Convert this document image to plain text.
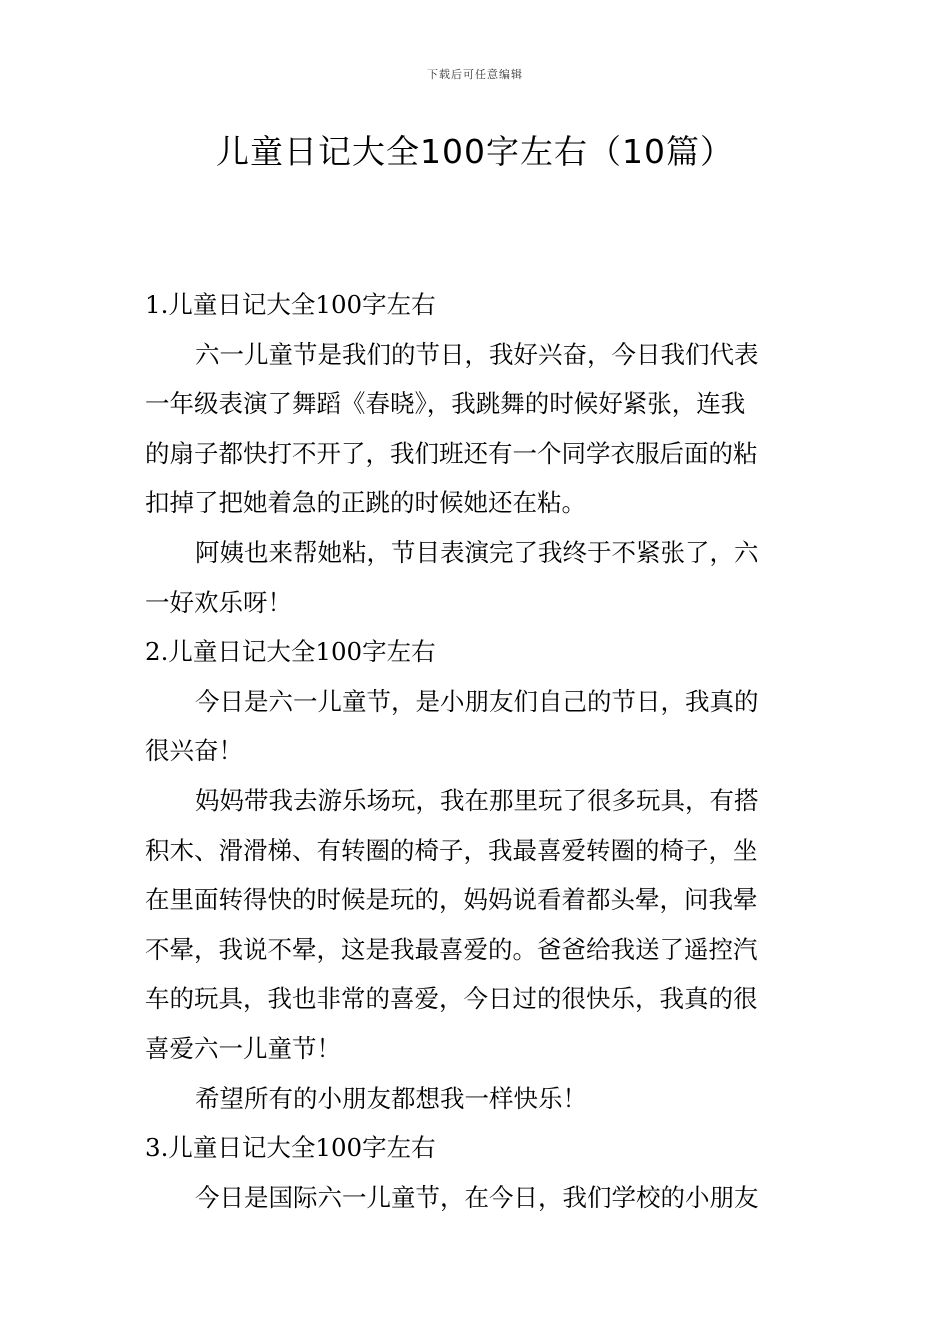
下载后可任意编辑
儿童日记大全100字左右（10篇）
1.儿童日记大全100字左右
六一儿童节是我们的节日，我好兴奋，今日我们代表
一年级表演了舞蹈《春晓》，我跳舞的时候好紧张，连我
的扇子都快打不开了，我们班还有一个同学衣服后面的粘
扣掉了把她着急的正跳的时候她还在粘。
阿姨也来帮她粘，节目表演完了我终于不紧张了，六
一好欢乐呀！
2.儿童日记大全100字左右
今日是六一儿童节，是小朋友们自己的节日，我真的
很兴奋！
妈妈带我去游乐场玩，我在那里玩了很多玩具，有搭
积木、滑滑梯、有转圈的椅子，我最喜爱转圈的椅子，坐
在里面转得快的时候是玩的，妈妈说看着都头晕，问我晕
不晕，我说不晕，这是我最喜爱的。爸爸给我送了遥控汽
车的玩具，我也非常的喜爱，今日过的很快乐，我真的很
喜爱六一儿童节！
希望所有的小朋友都想我一样快乐！
3.儿童日记大全100字左右
今日是国际六一儿童节，在今日，我们学校的小朋友
